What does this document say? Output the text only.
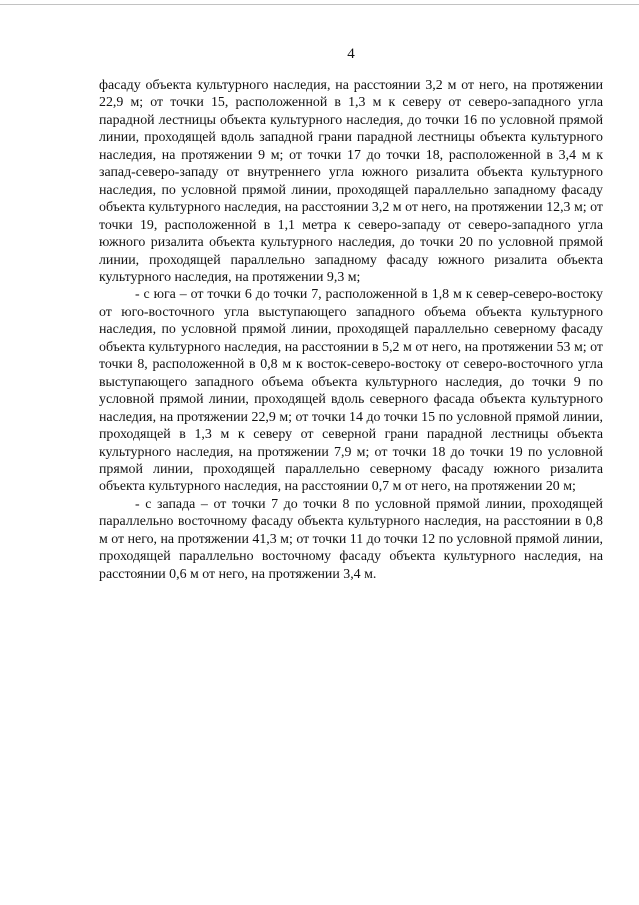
4

фасаду объекта культурного наследия, на расстоянии 3,2 м от него, на протяжении 22,9 м; от точки 15, расположенной в 1,3 м к северу от северо-западного угла парадной лестницы объекта культурного наследия, до точки 16 по условной прямой линии, проходящей вдоль западной грани парадной лестницы объекта культурного наследия, на протяжении 9 м; от точки 17 до точки 18, расположенной в 3,4 м к запад-северо-западу от внутреннего угла южного ризалита объекта культурного наследия, по условной прямой линии, проходящей параллельно западному фасаду объекта культурного наследия, на расстоянии 3,2 м от него, на протяжении 12,3 м; от точки 19, расположенной в 1,1 метра к северо-западу от северо-западного угла южного ризалита объекта культурного наследия, до точки 20 по условной прямой линии, проходящей параллельно западному фасаду южного ризалита объекта культурного наследия, на протяжении 9,3 м;

- с юга – от точки 6 до точки 7, расположенной в 1,8 м к север-северо-востоку от юго-восточного угла выступающего западного объема объекта культурного наследия, по условной прямой линии, проходящей параллельно северному фасаду объекта культурного наследия, на расстоянии в 5,2 м от него, на протяжении 53 м; от точки 8, расположенной в 0,8 м к восток-северо-востоку от северо-восточного угла выступающего западного объема объекта культурного наследия, до точки 9 по условной прямой линии, проходящей вдоль северного фасада объекта культурного наследия, на протяжении 22,9 м; от точки 14 до точки 15 по условной прямой линии, проходящей в 1,3 м к северу от северной грани парадной лестницы объекта культурного наследия, на протяжении 7,9 м; от точки 18 до точки 19 по условной прямой линии, проходящей параллельно северному фасаду южного ризалита объекта культурного наследия, на расстоянии 0,7 м от него, на протяжении 20 м;

- с запада – от точки 7 до точки 8 по условной прямой линии, проходящей параллельно восточному фасаду объекта культурного наследия, на расстоянии в 0,8 м от него, на протяжении 41,3 м; от точки 11 до точки 12 по условной прямой линии, проходящей параллельно восточному фасаду объекта культурного наследия, на расстоянии 0,6 м от него, на протяжении 3,4 м.
